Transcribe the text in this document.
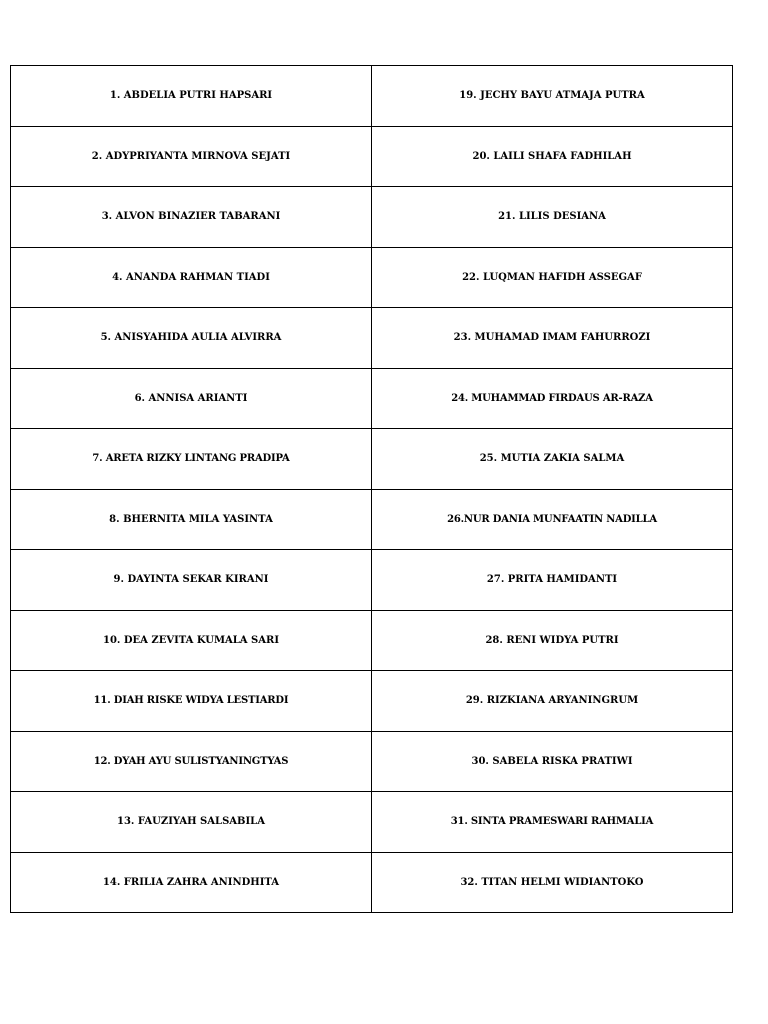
1. ABDELIA PUTRI HAPSARI	19. JECHY BAYU ATMAJA PUTRA
2. ADYPRIYANTA MIRNOVA SEJATI	20. LAILI SHAFA FADHILAH
3. ALVON BINAZIER TABARANI	21. LILIS DESIANA
4. ANANDA RAHMAN TIADI	22. LUQMAN HAFIDH ASSEGAF
5. ANISYAHIDA AULIA ALVIRRA	23. MUHAMAD IMAM FAHURROZI
6. ANNISA ARIANTI	24. MUHAMMAD FIRDAUS AR-RAZA
7. ARETA RIZKY LINTANG PRADIPA	25. MUTIA ZAKIA SALMA
8. BHERNITA MILA YASINTA	26.NUR DANIA MUNFAATIN NADILLA
9. DAYINTA SEKAR KIRANI	27. PRITA HAMIDANTI
10. DEA ZEVITA KUMALA SARI	28. RENI WIDYA PUTRI
11. DIAH RISKE WIDYA LESTIARDI	29. RIZKIANA ARYANINGRUM
12. DYAH AYU SULISTYANINGTYAS	30. SABELA RISKA PRATIWI
13. FAUZIYAH SALSABILA	31. SINTA PRAMESWARI RAHMALIA
14. FRILIA ZAHRA ANINDHITA	32. TITAN HELMI WIDIANTOKO
